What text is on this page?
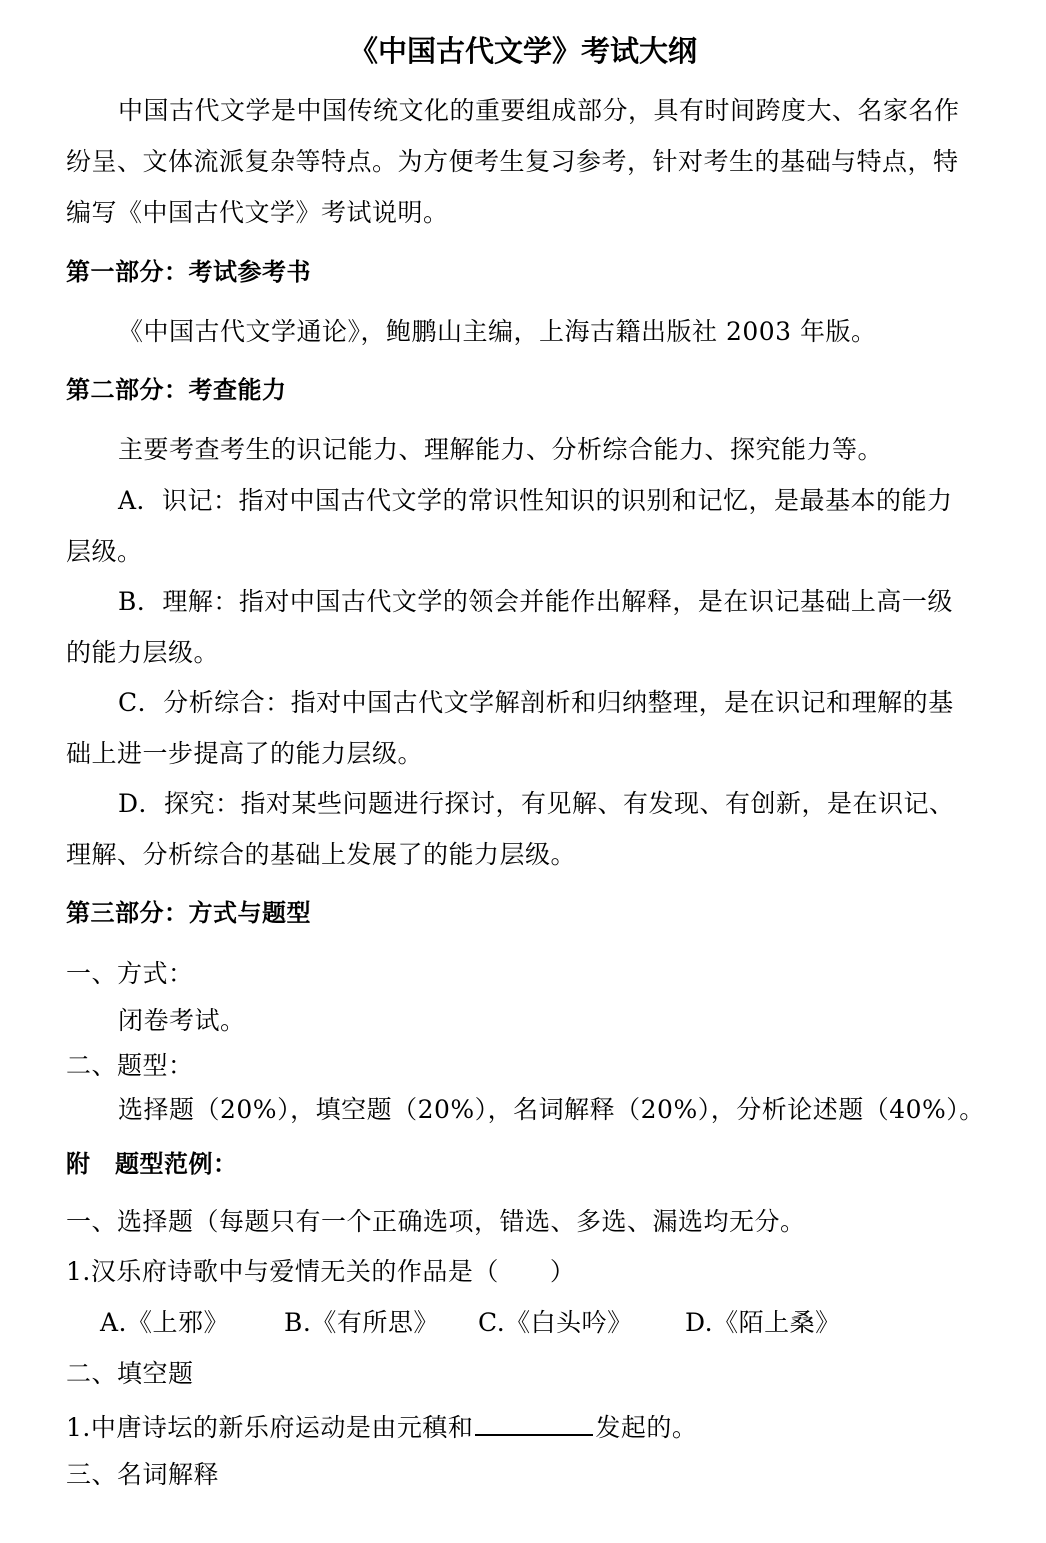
《中国古代文学》考试大纲
中国古代文学是中国传统文化的重要组成部分，具有时间跨度大、名家名作
纷呈、文体流派复杂等特点。为方便考生复习参考，针对考生的基础与特点，特
编写《中国古代文学》考试说明。
第一部分：考试参考书
《中国古代文学通论》，鲍鹏山主编，上海古籍出版社 2003 年版。
第二部分：考查能力
主要考查考生的识记能力、理解能力、分析综合能力、探究能力等。
A．识记：指对中国古代文学的常识性知识的识别和记忆，是最基本的能力
层级。
B．理解：指对中国古代文学的领会并能作出解释，是在识记基础上高一级
的能力层级。
C．分析综合：指对中国古代文学解剖析和归纳整理，是在识记和理解的基
础上进一步提高了的能力层级。
D．探究：指对某些问题进行探讨，有见解、有发现、有创新，是在识记、
理解、分析综合的基础上发展了的能力层级。
第三部分：方式与题型
一、方式：
闭卷考试。
二、题型：
选择题（20%），填空题（20%），名词解释（20%），分析论述题（40%）。
附　题型范例：
一、选择题（每题只有一个正确选项，错选、多选、漏选均无分。
1.汉乐府诗歌中与爱情无关的作品是（　　）
A.《上邪》 B.《有所思》 C.《白头吟》 D.《陌上桑》
二、填空题
1.中唐诗坛的新乐府运动是由元稹和	发起的。
三、名词解释
